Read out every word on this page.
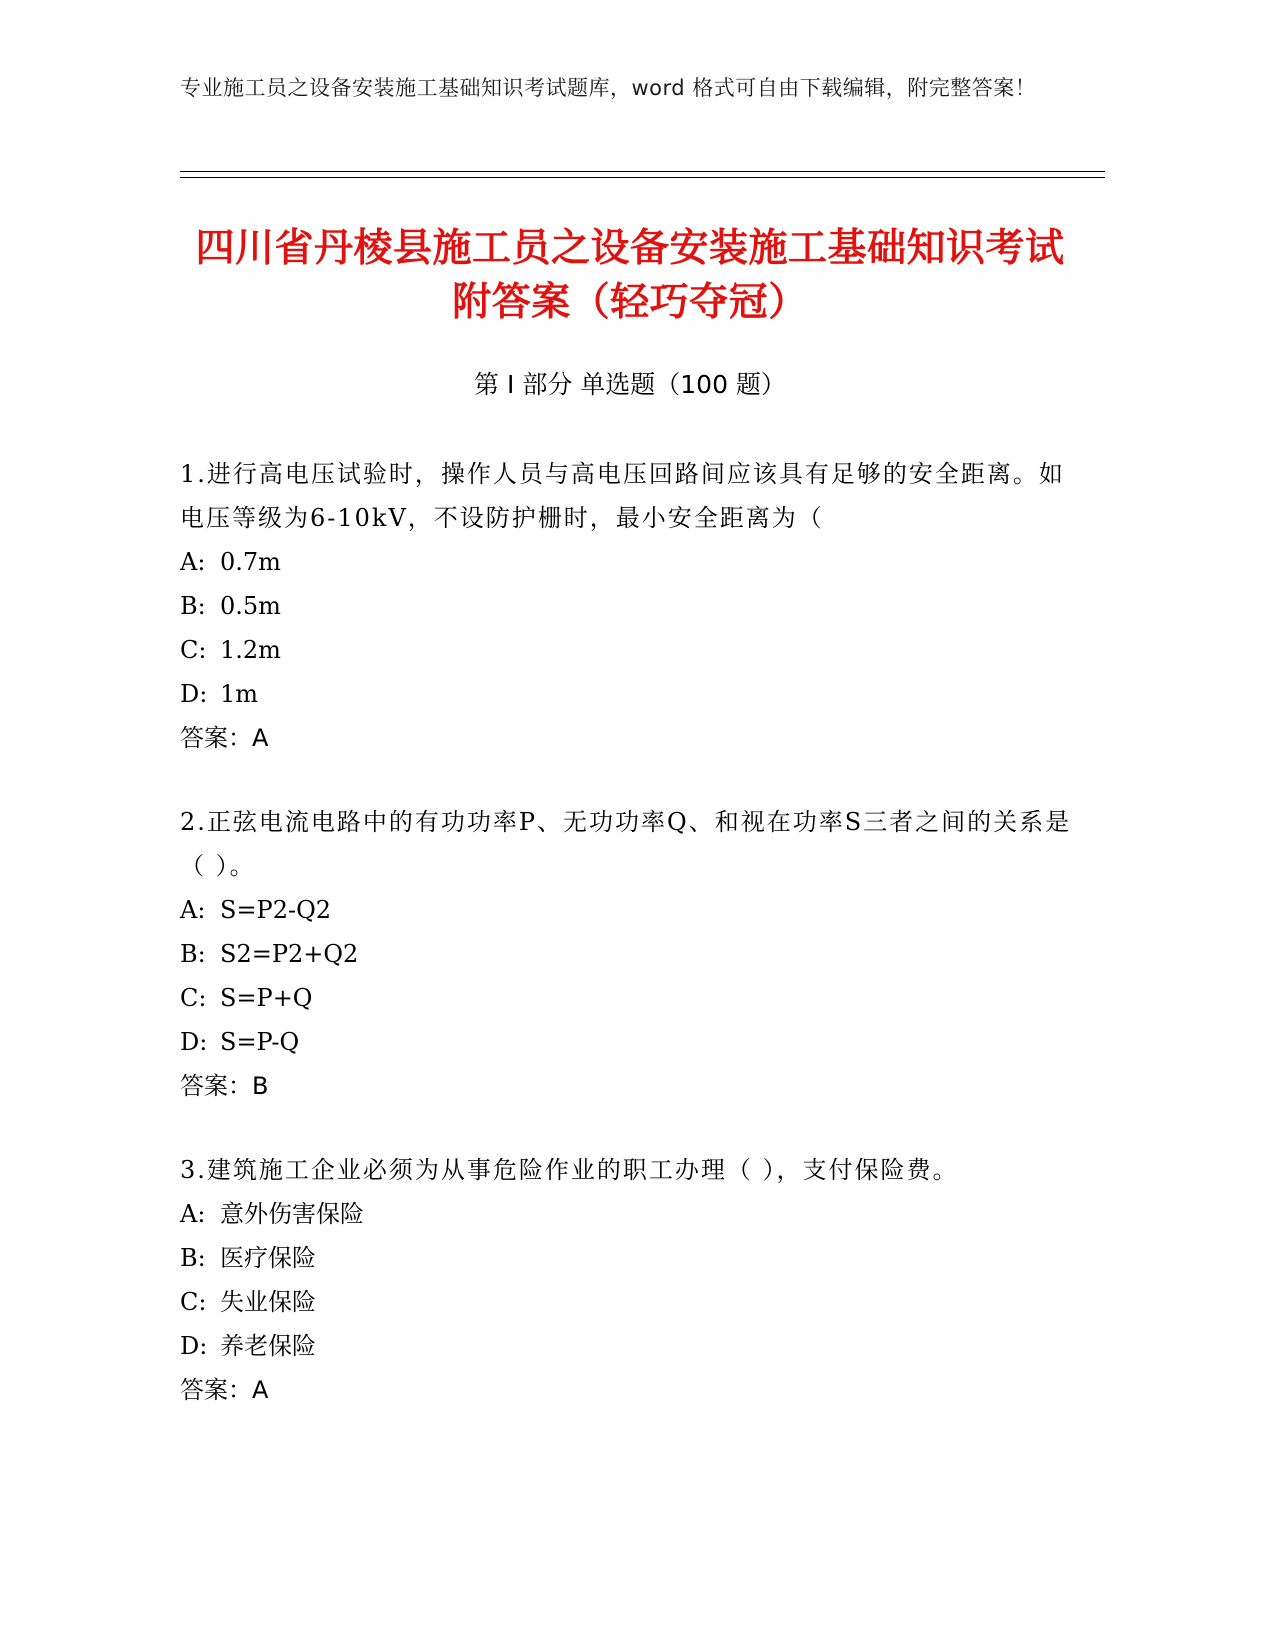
专业施工员之设备安装施工基础知识考试题库，word 格式可自由下载编辑，附完整答案！
四川省丹棱县施工员之设备安装施工基础知识考试附答案（轻巧夺冠）
第 I 部分 单选题（100 题）
1.进行高电压试验时，操作人员与高电压回路间应该具有足够的安全距离。如电压等级为6-10kV，不设防护栅时，最小安全距离为（
A: 0.7m
B: 0.5m
C: 1.2m
D: 1m
答案：A
2.正弦电流电路中的有功功率P、无功功率Q、和视在功率S三者之间的关系是（ ）。
A: S=P2-Q2
B: S2=P2+Q2
C: S=P+Q
D: S=P-Q
答案：B
3.建筑施工企业必须为从事危险作业的职工办理（ ），支付保险费。
A: 意外伤害保险
B: 医疗保险
C: 失业保险
D: 养老保险
答案：A
